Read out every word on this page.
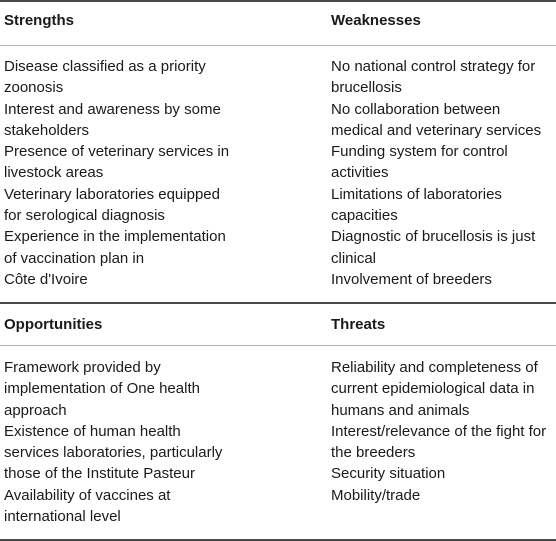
Strengths	Weaknesses
Disease classified as a priority
zoonosis
Interest and awareness by some
stakeholders
Presence of veterinary services in
livestock areas
Veterinary laboratories equipped
for serological diagnosis
Experience in the implementation
of vaccination plan in
Côte d'Ivoire
No national control strategy for
brucellosis
No collaboration between
medical and veterinary services
Funding system for control
activities
Limitations of laboratories
capacities
Diagnostic of brucellosis is just
clinical
Involvement of breeders
Opportunities	Threats
Framework provided by
implementation of One health
approach
Existence of human health
services laboratories, particularly
those of the Institute Pasteur
Availability of vaccines at
international level
Reliability and completeness of
current epidemiological data in
humans and animals
Interest/relevance of the fight for
the breeders
Security situation
Mobility/trade
